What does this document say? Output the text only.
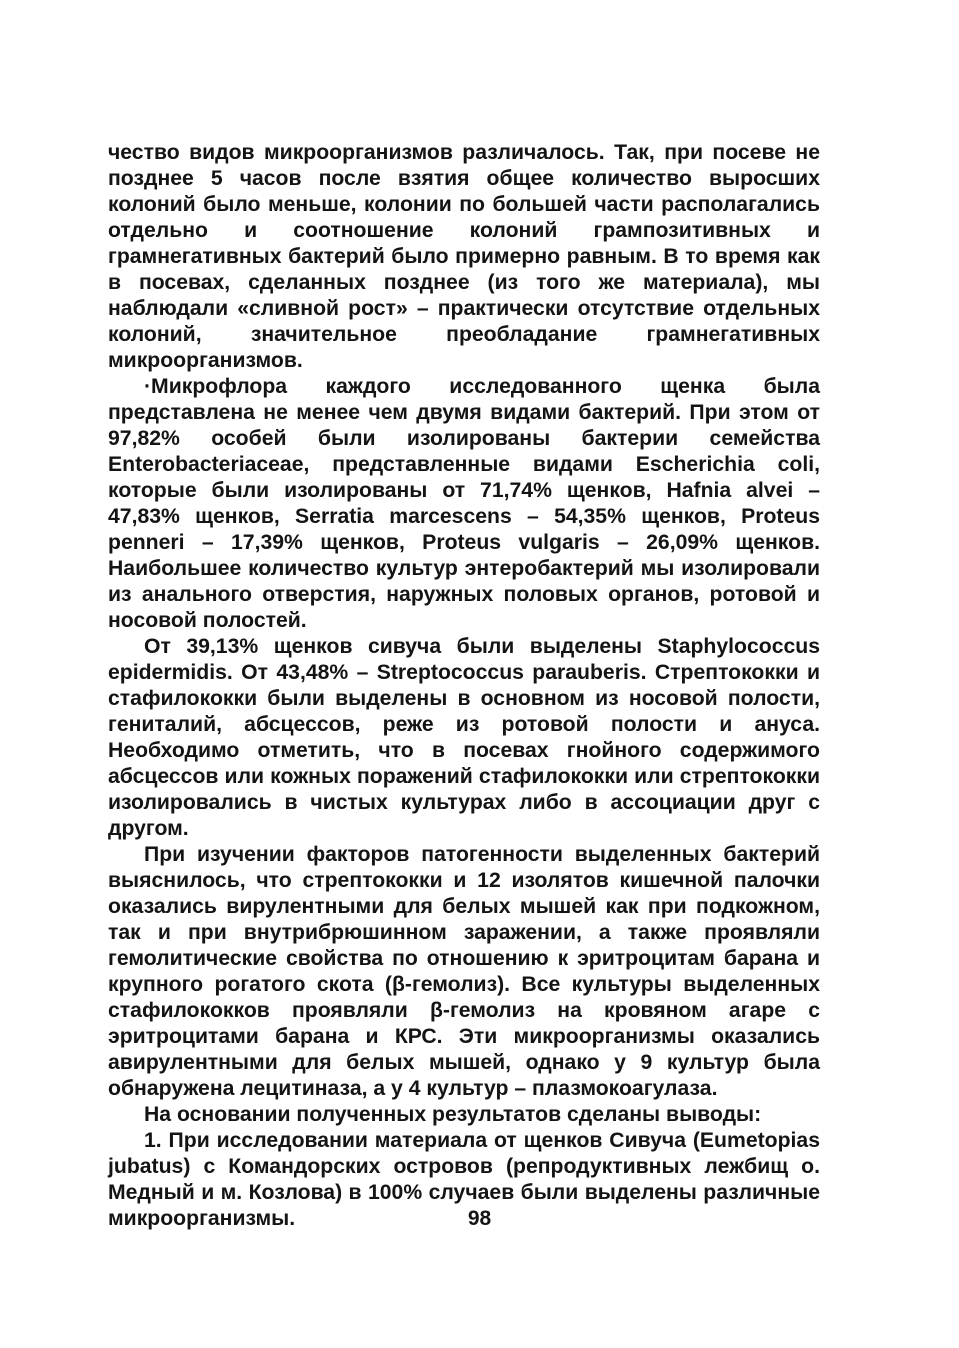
чество видов микроорганизмов различалось. Так, при посеве не позднее 5 часов после взятия общее количество выросших колоний было меньше, колонии по большей части располагались отдельно и соотношение колоний грампозитивных и грамнегативных бактерий было примерно равным. В то время как в посевах, сделанных позднее (из того же материала), мы наблюдали «сливной рост» – практически отсутствие отдельных колоний, значительное преобладание грамнегативных микроорганизмов.

·Микрофлора каждого исследованного щенка была представлена не менее чем двумя видами бактерий. При этом от 97,82% особей были изолированы бактерии семейства Enterobacteriaceae, представленные видами Escherichia coli, которые были изолированы от 71,74% щенков, Hafnia alvei – 47,83% щенков, Serratia marcescens – 54,35% щенков, Proteus penneri – 17,39% щенков, Proteus vulgaris – 26,09% щенков. Наибольшее количество культур энтеробактерий мы изолировали из анального отверстия, наружных половых органов, ротовой и носовой полостей.

От 39,13% щенков сивуча были выделены Staphylococcus epidermidis. От 43,48% – Streptococcus parauberis. Стрептококки и стафилококки были выделены в основном из носовой полости, гениталий, абсцессов, реже из ротовой полости и ануса. Необходимо отметить, что в посевах гнойного содержимого абсцессов или кожных поражений стафилококки или стрептококки изолировались в чистых культурах либо в ассоциации друг с другом.

При изучении факторов патогенности выделенных бактерий выяснилось, что стрептококки и 12 изолятов кишечной палочки оказались вирулентными для белых мышей как при подкожном, так и при внутрибрюшинном заражении, а также проявляли гемолитические свойства по отношению к эритроцитам барана и крупного рогатого скота (β-гемолиз). Все культуры выделенных стафилококков проявляли β-гемолиз на кровяном агаре с эритроцитами барана и КРС. Эти микроорганизмы оказались авирулентными для белых мышей, однако у 9 культур была обнаружена лецитиназа, а у 4 культур – плазмокоагулаза.

На основании полученных результатов сделаны выводы:

1. При исследовании материала от щенков Сивуча (Eumetopias jubatus) с Командорских островов (репродуктивных лежбищ о. Медный и м. Козлова) в 100% случаев были выделены различные микроорганизмы.	98
